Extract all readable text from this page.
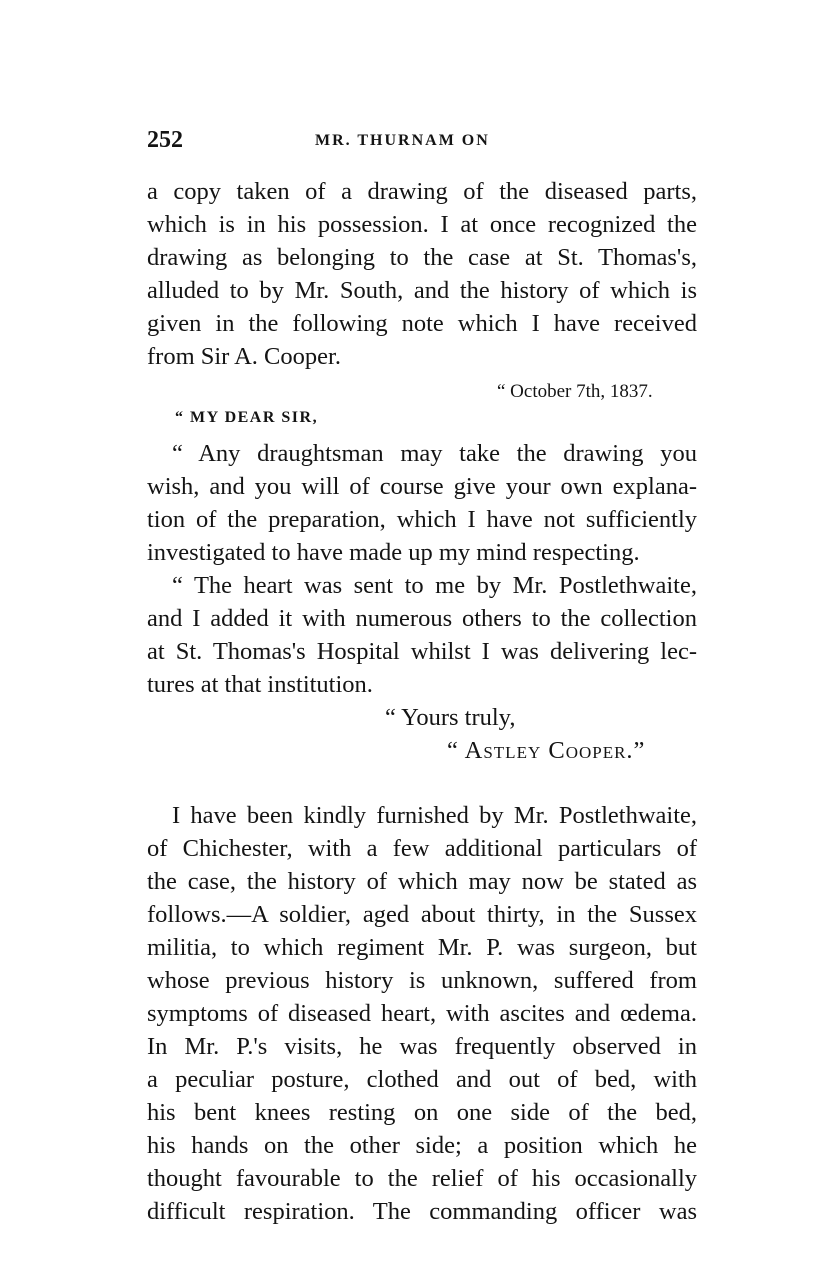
252	MR. THURNAM ON
a copy taken of a drawing of the diseased parts,
which is in his possession. I at once recognized the
drawing as belonging to the case at St. Thomas's,
alluded to by Mr. South, and the history of which is
given in the following note which I have received
from Sir A. Cooper.
“ October 7th, 1837.
“ MY DEAR SIR,
“ Any draughtsman may take the drawing you
wish, and you will of course give your own explana-
tion of the preparation, which I have not sufficiently
investigated to have made up my mind respecting.
“ The heart was sent to me by Mr. Postlethwaite,
and I added it with numerous others to the collection
at St. Thomas's Hospital whilst I was delivering lec-
tures at that institution.
“ Yours truly,
“ Astley Cooper.”
I have been kindly furnished by Mr. Postlethwaite,
of Chichester, with a few additional particulars of
the case, the history of which may now be stated as
follows.—A soldier, aged about thirty, in the Sussex
militia, to which regiment Mr. P. was surgeon, but
whose previous history is unknown, suffered from
symptoms of diseased heart, with ascites and œdema.
In Mr. P.'s visits, he was frequently observed in
a peculiar posture, clothed and out of bed, with
his bent knees resting on one side of the bed,
his hands on the other side; a position which he
thought favourable to the relief of his occasionally
difficult respiration. The commanding officer was
